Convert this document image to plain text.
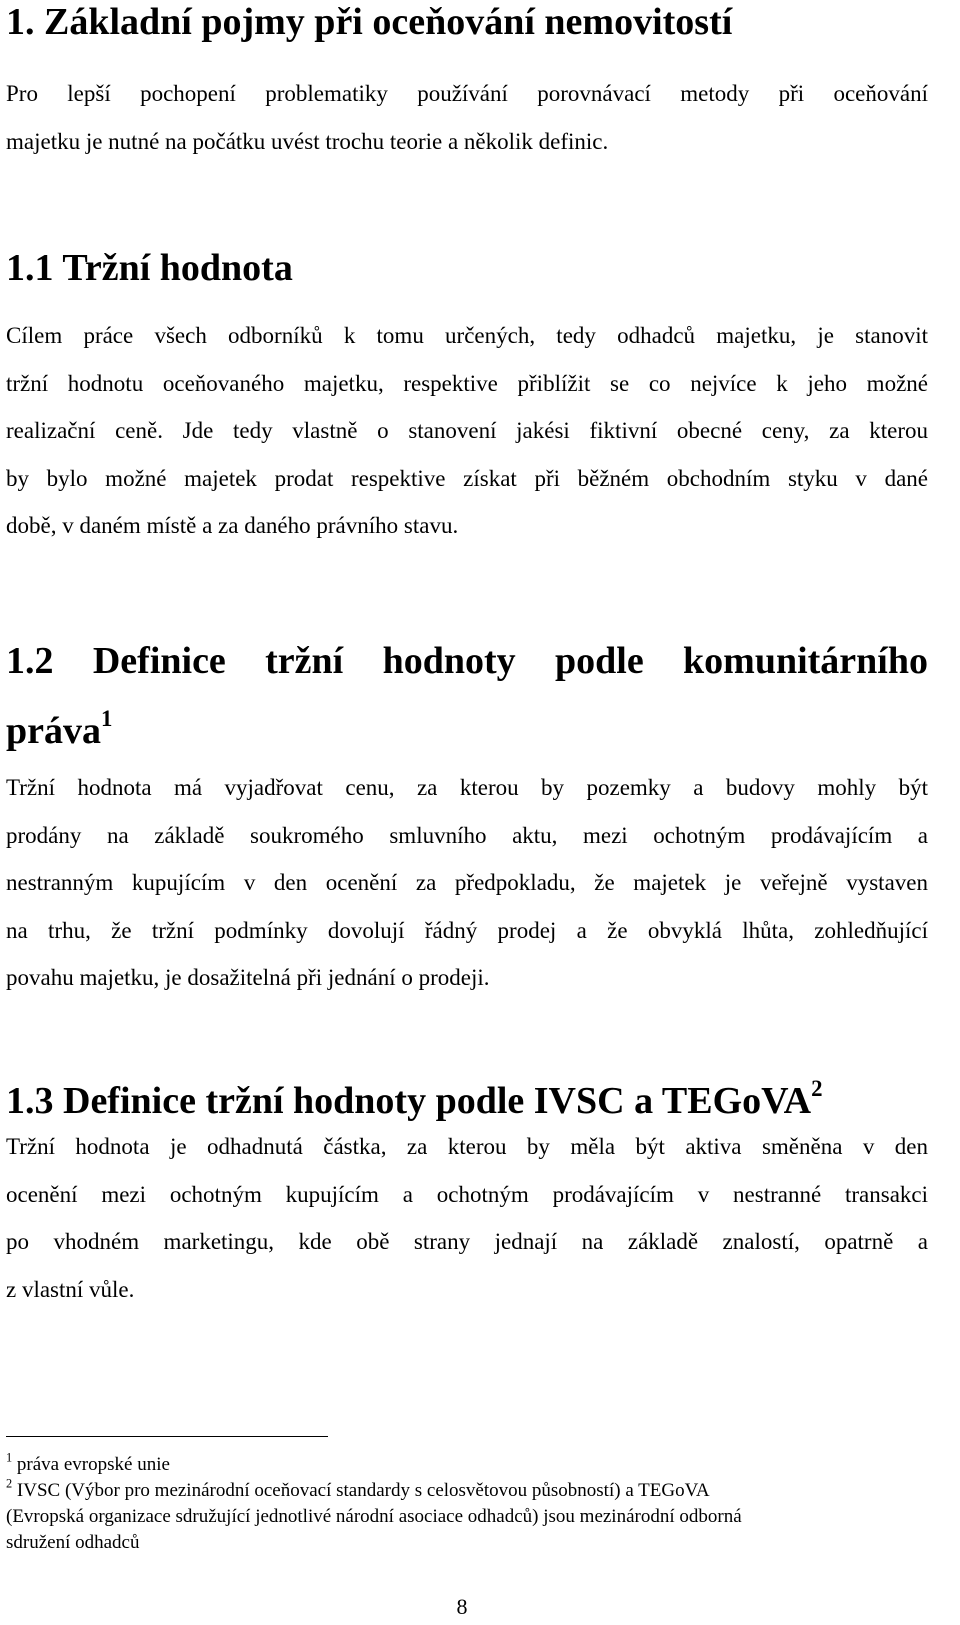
1. Základní pojmy při oceňování nemovitostí
Pro lepší pochopení problematiky používání porovnávací metody při oceňování
majetku je nutné na počátku uvést trochu teorie a několik definic.
1.1 Tržní hodnota
Cílem práce všech odborníků k tomu určených, tedy odhadců majetku, je stanovit
tržní hodnotu oceňovaného majetku, respektive přiblížit se co nejvíce k jeho možné
realizační ceně. Jde tedy vlastně o stanovení jakési fiktivní obecné ceny, za kterou
by bylo možné majetek prodat respektive získat při běžném obchodním styku v dané
době, v daném místě a za daného právního stavu.
1.2 Definice tržní hodnoty podle komunitárního
práva$^1$
Tržní hodnota má vyjadřovat cenu, za kterou by pozemky a budovy mohly být
prodány na základě soukromého smluvního aktu, mezi ochotným prodávajícím a
nestranným kupujícím v den ocenění za předpokladu, že majetek je veřejně vystaven
na trhu, že tržní podmínky dovolují řádný prodej a že obvyklá lhůta, zohledňující
povahu majetku, je dosažitelná při jednání o prodeji.
1.3 Definice tržní hodnoty podle IVSC a TEGoVA$^2$
Tržní hodnota je odhadnutá částka, za kterou by měla být aktiva směněna v den
ocenění mezi ochotným kupujícím a ochotným prodávajícím v nestranné transakci
po vhodném marketingu, kde obě strany jednají na základě znalostí, opatrně a
z vlastní vůle.
$^1$ práva evropské unie
$^2$ IVSC (Výbor pro mezinárodní oceňovací standardy s celosvětovou působností) a TEGoVA
(Evropská organizace sdružující jednotlivé národní asociace odhadců) jsou mezinárodní odborná
sdružení odhadců
8
